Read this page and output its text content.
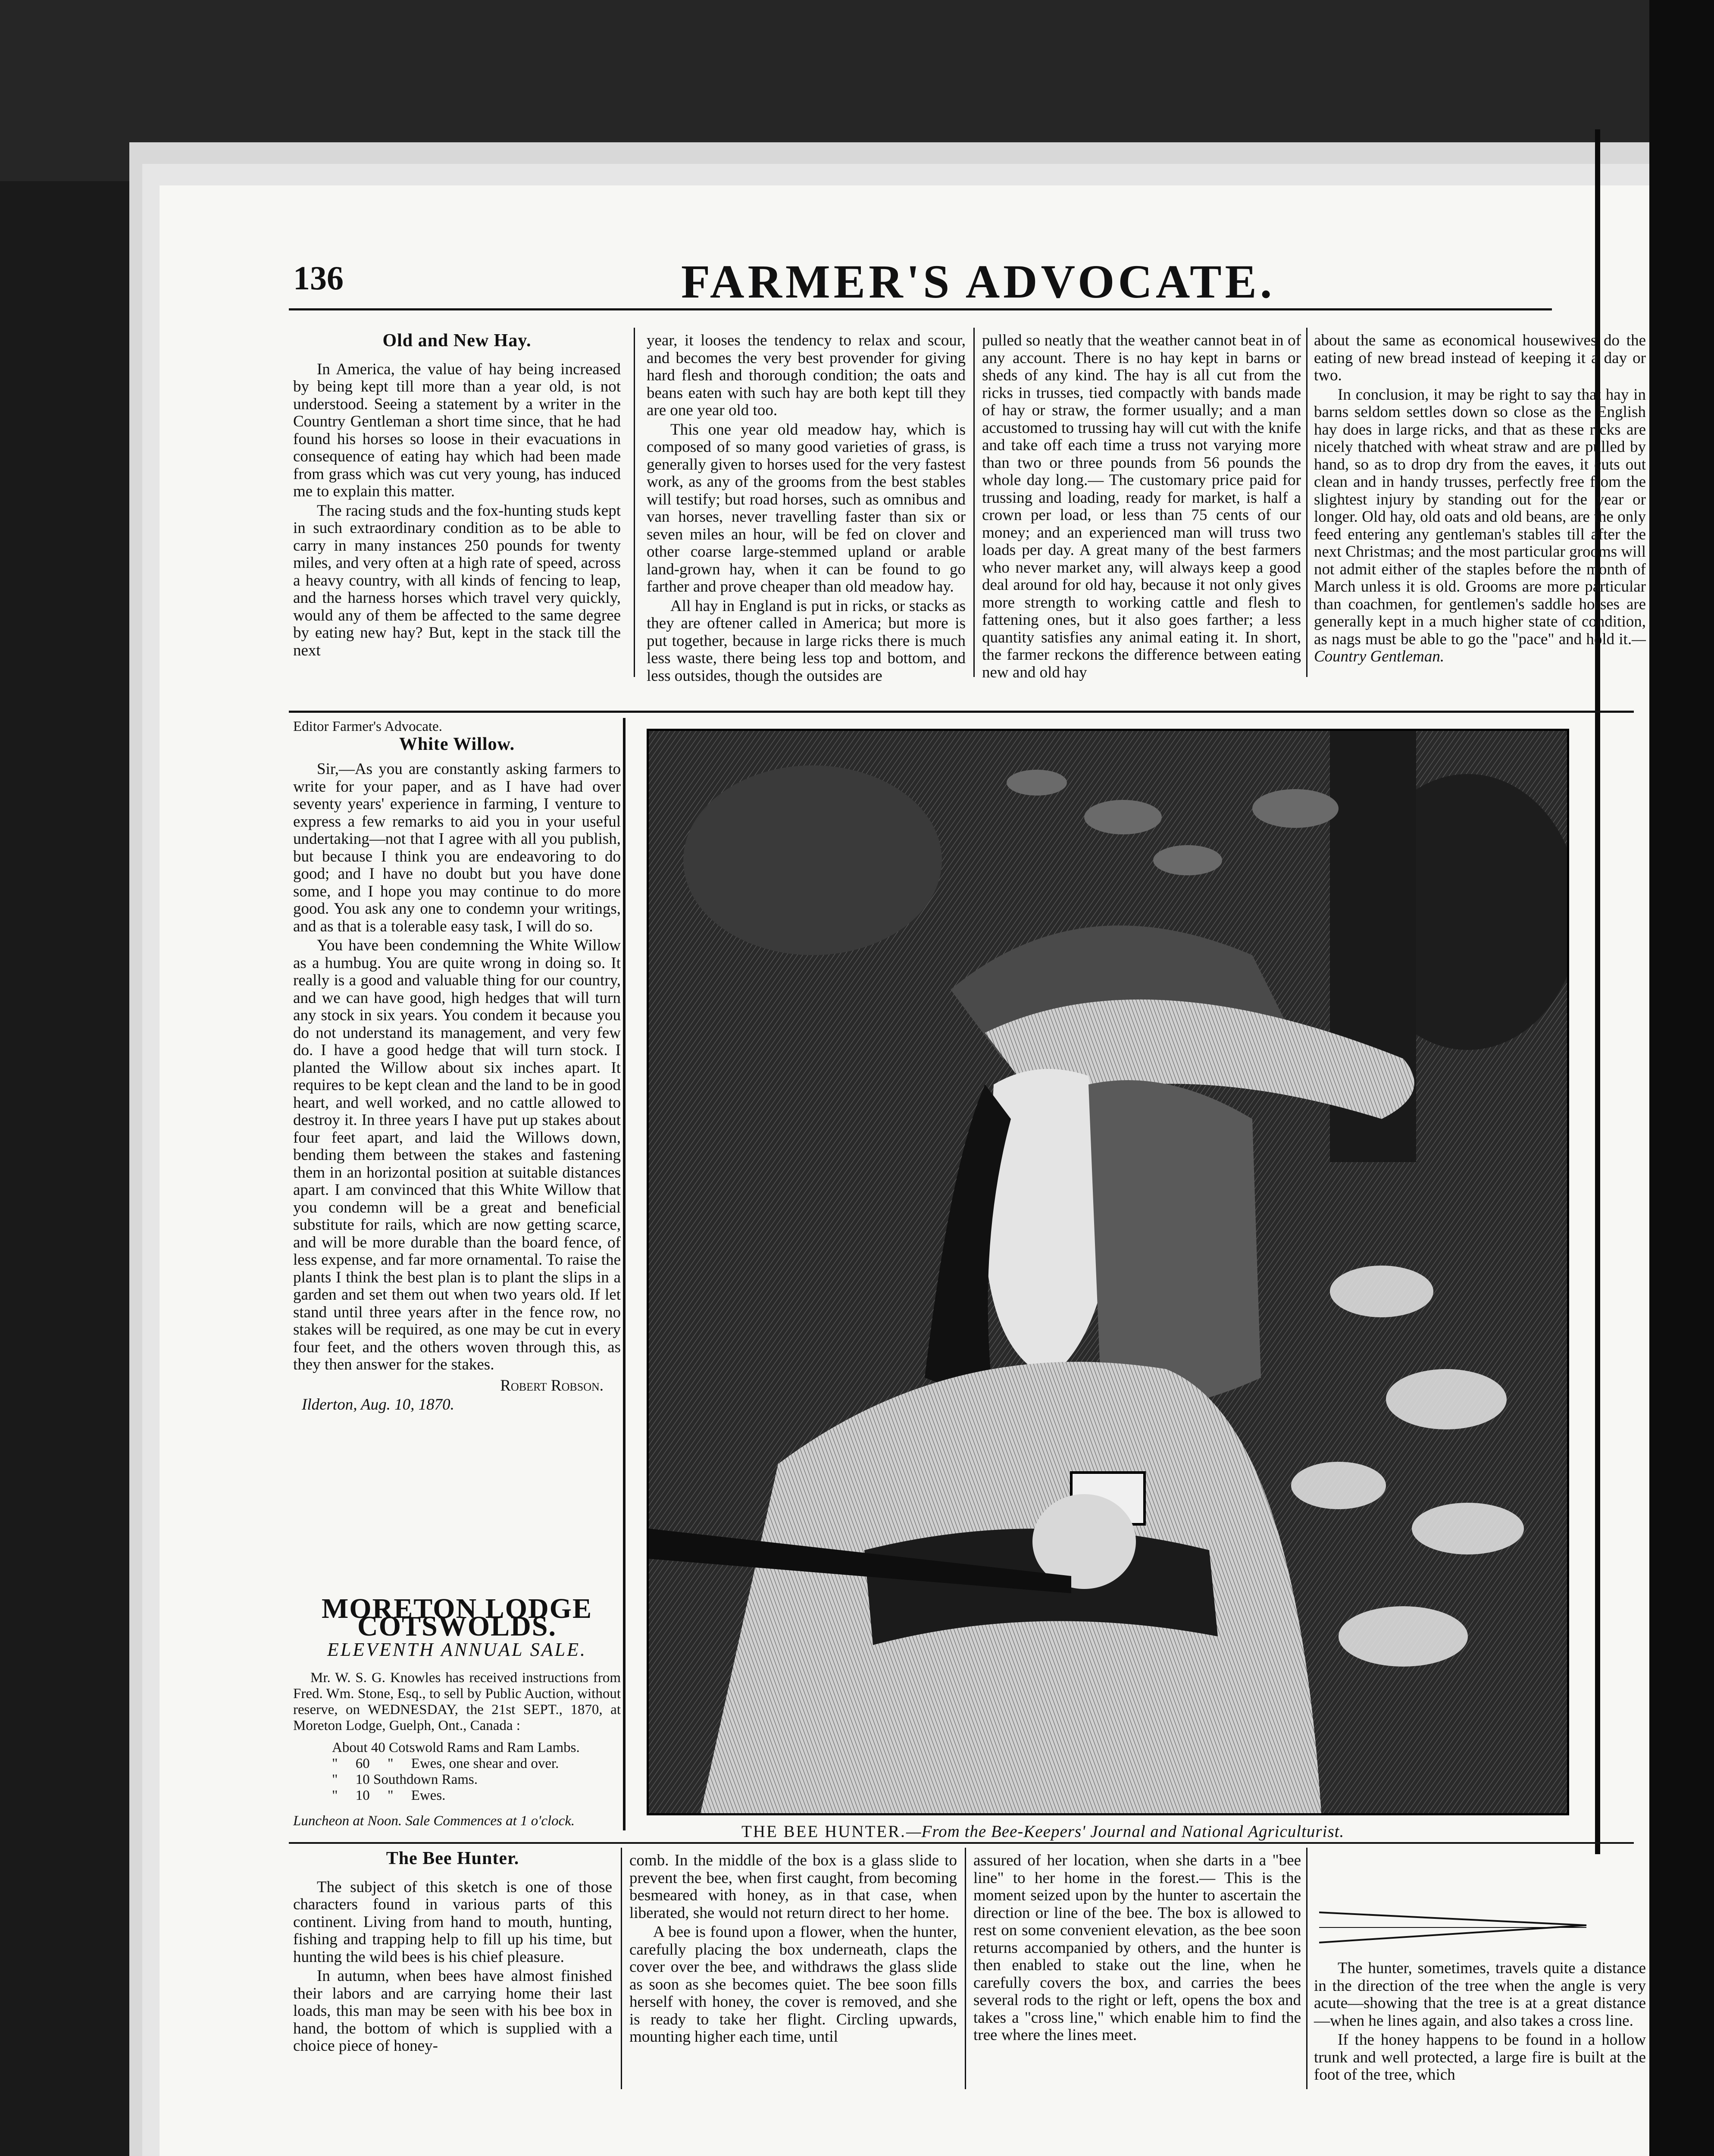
136	FARMER'S ADVOCATE.
Old and New Hay.

In America, the value of hay being increased by being kept till more than a year old, is not understood. Seeing a statement by a writer in the Country Gentleman a short time since, that he had found his horses so loose in their evacuations in consequence of eating hay which had been made from grass which was cut very young, has induced me to explain this matter.

The racing studs and the fox-hunting studs kept in such extraordinary condition as to be able to carry in many instances 250 pounds for twenty miles, and very often at a high rate of speed, across a heavy country, with all kinds of fencing to leap, and the harness horses which travel very quickly, would any of them be affected to the same degree by eating new hay? But, kept in the stack till the next

year, it looses the tendency to relax and scour, and becomes the very best provender for giving hard flesh and thorough condition; the oats and beans eaten with such hay are both kept till they are one year old too.

This one year old meadow hay, which is composed of so many good varieties of grass, is generally given to horses used for the very fastest work, as any of the grooms from the best stables will testify; but road horses, such as omnibus and van horses, never travelling faster than six or seven miles an hour, will be fed on clover and other coarse large-stemmed upland or arable land-grown hay, when it can be found to go farther and prove cheaper than old meadow hay.

All hay in England is put in ricks, or stacks as they are oftener called in America; but more is put together, because in large ricks there is much less waste, there being less top and bottom, and less outsides, though the outsides are

pulled so neatly that the weather cannot beat in of any account. There is no hay kept in barns or sheds of any kind. The hay is all cut from the ricks in trusses, tied compactly with bands made of hay or straw, the former usually; and a man accustomed to trussing hay will cut with the knife and take off each time a truss not varying more than two or three pounds from 56 pounds the whole day long.— The customary price paid for trussing and loading, ready for market, is half a crown per load, or less than 75 cents of our money; and an experienced man will truss two loads per day. A great many of the best farmers who never market any, will always keep a good deal around for old hay, because it not only gives more strength to working cattle and flesh to fattening ones, but it also goes farther; a less quantity satisfies any animal eating it. In short, the farmer reckons the difference between eating new and old hay

about the same as economical housewives do the eating of new bread instead of keeping it a day or two.

In conclusion, it may be right to say that hay in barns seldom settles down so close as the English hay does in large ricks, and that as these ricks are nicely thatched with wheat straw and are pulled by hand, so as to drop dry from the eaves, it cuts out clean and in handy trusses, perfectly free from the slightest injury by standing out for the year or longer. Old hay, old oats and old beans, are the only feed entering any gentleman's stables till after the next Christmas; and the most particular grooms will not admit either of the staples before the month of March unless it is old. Grooms are more particular than coachmen, for gentlemen's saddle horses are generally kept in a much higher state of condition, as nags must be able to go the "pace" and hold it.—Country Gentleman.

Editor Farmer's Advocate.
White Willow.

Sir,—As you are constantly asking farmers to write for your paper, and as I have had over seventy years' experience in farming, I venture to express a few remarks to aid you in your useful undertaking—not that I agree with all you publish, but because I think you are endeavoring to do good; and I have no doubt but you have done some, and I hope you may continue to do more good. You ask any one to condemn your writings, and as that is a tolerable easy task, I will do so.

You have been condemning the White Willow as a humbug. You are quite wrong in doing so. It really is a good and valuable thing for our country, and we can have good, high hedges that will turn any stock in six years. You condem it because you do not understand its management, and very few do. I have a good hedge that will turn stock. I planted the Willow about six inches apart. It requires to be kept clean and the land to be in good heart, and well worked, and no cattle allowed to destroy it. In three years I have put up stakes about four feet apart, and laid the Willows down, bending them between the stakes and fastening them in an horizontal position at suitable distances apart. I am convinced that this White Willow that you condemn will be a great and beneficial substitute for rails, which are now getting scarce, and will be more durable than the board fence, of less expense, and far more ornamental. To raise the plants I think the best plan is to plant the slips in a garden and set them out when two years old. If let stand until three years after in the fence row, no stakes will be required, as one may be cut in every four feet, and the others woven through this, as they then answer for the stakes.

Robert Robson.
Ilderton, Aug. 10, 1870.
MORETON LODGE COTSWOLDS.
ELEVENTH ANNUAL SALE.
Mr. W. S. G. Knowles has received instructions from Fred. Wm. Stone, Esq., to sell by Public Auction, without reserve, on WEDNESDAY, the 21st SEPT., 1870, at Moreton Lodge, Guelph, Ont., Canada :
About 40 Cotswold Rams and Ram Lambs.
"     60     "     Ewes, one shear and over.
"     10 Southdown Rams.
"     10     "     Ewes.
Luncheon at Noon. Sale Commences at 1 o'clock.
THE BEE HUNTER.—From the Bee-Keepers' Journal and National Agriculturist.
The Bee Hunter.

The subject of this sketch is one of those characters found in various parts of this continent. Living from hand to mouth, hunting, fishing and trapping help to fill up his time, but hunting the wild bees is his chief pleasure.

In autumn, when bees have almost finished their labors and are carrying home their last loads, this man may be seen with his bee box in hand, the bottom of which is supplied with a choice piece of honey-

comb. In the middle of the box is a glass slide to prevent the bee, when first caught, from becoming besmeared with honey, as in that case, when liberated, she would not return direct to her home.

A bee is found upon a flower, when the hunter, carefully placing the box underneath, claps the cover over the bee, and withdraws the glass slide as soon as she becomes quiet. The bee soon fills herself with honey, the cover is removed, and she is ready to take her flight. Circling upwards, mounting higher each time, until

assured of her location, when she darts in a "bee line" to her home in the forest.— This is the moment seized upon by the hunter to ascertain the direction or line of the bee. The box is allowed to rest on some convenient elevation, as the bee soon returns accompanied by others, and the hunter is then enabled to stake out the line, when he carefully covers the box, and carries the bees several rods to the right or left, opens the box and takes a "cross line," which enable him to find the tree where the lines meet.

The hunter, sometimes, travels quite a distance in the direction of the tree when the angle is very acute—showing that the tree is at a great distance—when he lines again, and also takes a cross line.

If the honey happens to be found in a hollow trunk and well protected, a large fire is built at the foot of the tree, which
